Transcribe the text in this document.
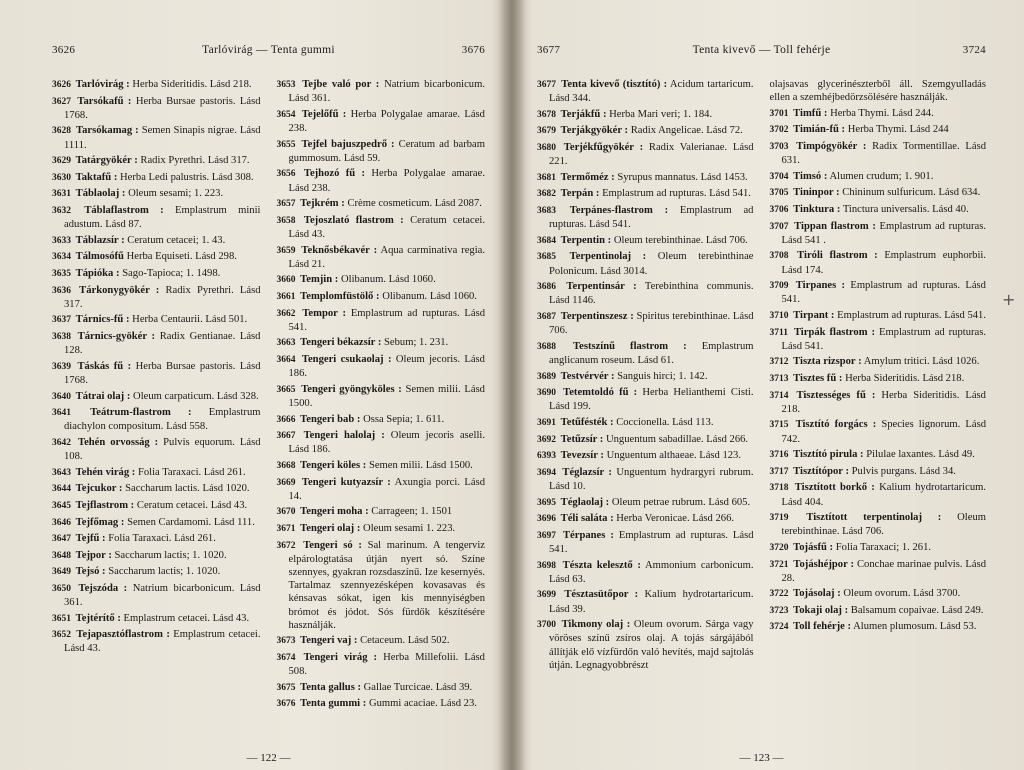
3626	Tarlóvirág — Tenta gummi	3676
3626 Tarlóvirág : Herba Sideritidis. Lásd 218.
3627 Tarsókafű : Herba Bursae pastoris. Lásd 1768.
3628 Tarsókamag : Semen Sinapis nigrae. Lásd 1111.
3629 Tatárgyökér : Radix Pyrethri. Lásd 317.
3630 Taktafű : Herba Ledi palustris. Lásd 308.
3631 Táblaolaj : Oleum sesami; 1. 223.
3632 Táblaflastrom : Emplastrum minii adustum. Lásd 87.
3633 Táblazsír : Ceratum cetacei; 1. 43.
3634 Tálmosófű Herba Equiseti. Lásd 298.
3635 Tápióka : Sago-Tapioca; 1. 1498.
3636 Tárkonygyökér : Radix Pyrethri. Lásd 317.
3637 Tárnics-fű : Herba Centaurii. Lásd 501.
3638 Tárnics-gyökér : Radix Gentianae. Lásd 128.
3639 Táskás fű : Herba Bursae pastoris. Lásd 1768.
3640 Tátrai olaj : Oleum carpaticum. Lásd 328.
3641 Teátrum-flastrom : Emplastrum diachylon compositum. Lásd 558.
3642 Tehén orvosság : Pulvis equorum. Lásd 108.
3643 Tehén virág : Folia Taraxaci. Lásd 261.
3644 Tejcukor : Saccharum lactis. Lásd 1020.
3645 Tejflastrom : Ceratum cetacei. Lásd 43.
3646 Tejfőmag : Semen Cardamomi. Lásd 111.
3647 Tejfű : Folia Taraxaci. Lásd 261.
3648 Tejpor : Saccharum lactis; 1. 1020.
3649 Tejsó : Saccharum lactis; 1. 1020.
3650 Tejszóda : Natrium bicarbonicum. Lásd 361.
3651 Tejtérítő : Emplastrum cetacei. Lásd 43.
3652 Tejapasztóflastrom : Emplastrum cetacei. Lásd 43.
3653 Tejbe való por : Natrium bicarbonicum. Lásd 361.
3654 Tejelőfű : Herba Polygalae amarae. Lásd 238.
3655 Tejfel bajuszpedrő : Ceratum ad barbam gummosum. Lásd 59.
3656 Tejhozó fű : Herba Polygalae amarae. Lásd 238.
3657 Tejkrém : Crème cosmeticum. Lásd 2087.
3658 Tejoszlató flastrom : Ceratum cetacei. Lásd 43.
3659 Teknősbékavér : Aqua carminativa regia. Lásd 21.
3660 Temjin : Olibanum. Lásd 1060.
3661 Templomfüstölő : Olibanum. Lásd 1060.
3662 Tempor : Emplastrum ad rupturas. Lásd 541.
3663 Tengeri békazsír : Sebum; 1. 231.
3664 Tengeri csukaolaj : Oleum jecoris. Lásd 186.
3665 Tengeri gyöngyköles : Semen milii. Lásd 1500.
3666 Tengeri bab : Ossa Sepia; 1. 611.
3667 Tengeri halolaj : Oleum jecoris aselli. Lásd 186.
3668 Tengeri köles : Semen milii. Lásd 1500.
3669 Tengeri kutyazsír : Axungia porci. Lásd 14.
3670 Tengeri moha : Carrageen; 1. 1501
3671 Tengeri olaj : Oleum sesami 1. 223.
3672 Tengeri só : Sal marinum. A tengerviz elpárologtatása útján nyert só. Színe szennyes, gyakran rozsdaszínű. Ize kesernyés. Tartalmaz szennyezésképen kovasavas és kénsavas sókat, igen kis mennyiségben brómot és jódot. Sós fürdők készítésére használják.
3673 Tengeri vaj : Cetaceum. Lásd 502.
3674 Tengeri virág : Herba Millefolii. Lásd 508.
3675 Tenta gallus : Gallae Turcicae. Lásd 39.
3676 Tenta gummi : Gummi acaciae. Lásd 23.
— 122 —
3677	Tenta kivevő — Toll fehérje	3724
3677 Tenta kivevő (tisztító) : Acidum tartaricum. Lásd 344.
3678 Terjákfű : Herba Mari veri; 1. 184.
3679 Terjákgyökér : Radix Angelicae. Lásd 72.
3680 Terjékfűgyökér : Radix Valerianae. Lásd 221.
3681 Termőméz : Syrupus mannatus. Lásd 1453.
3682 Terpán : Emplastrum ad rupturas. Lásd 541.
3683 Terpánes-flastrom : Emplastrum ad rupturas. Lásd 541.
3684 Terpentin : Oleum terebinthinae. Lásd 706.
3685 Terpentinolaj : Oleum terebinthinae Polonicum. Lásd 3014.
3686 Terpentinsár : Terebinthina communis. Lásd 1146.
3687 Terpentinszesz : Spiritus terebinthinae. Lásd 706.
3688 Testszínű flastrom : Emplastrum anglicanum roseum. Lásd 61.
3689 Testvérvér : Sanguis hirci; 1. 142.
3690 Tetemtoldó fű : Herba Helianthemi Cisti. Lásd 199.
3691 Tetűfésték : Coccionella. Lásd 113.
3692 Tetűzsír : Unguentum sabadillae. Lásd 266.
6393 Tevezsír : Unguentum althaeae. Lásd 123.
3694 Téglazsír : Unguentum hydrargyri rubrum. Lásd 10.
3695 Téglaolaj : Oleum petrae rubrum. Lásd 605.
3696 Téli saláta : Herba Veronicae. Lásd 266.
3697 Térpanes : Emplastrum ad rupturas. Lásd 541.
3698 Tészta kelesztő : Ammonium carbonicum. Lásd 63.
3699 Tésztasütőpor : Kalium hydrotartaricum. Lásd 39.
3700 Tikmony olaj : Oleum ovorum. Sárga vagy vöröses színű zsíros olaj. A tojás sárgájából állítják elő vízfürdőn való hevítés, majd sajtolás útján. Legnagyobbrészt
olajsavas glycerinészterből áll. Szemgyulladás ellen a szemhéjbedörzsölésére használják.
3701 Timfű : Herba Thymi. Lásd 244.
3702 Timián-fű : Herba Thymi. Lásd 244
3703 Timpógyökér : Radix Tormentillae. Lásd 631.
3704 Timsó : Alumen crudum; 1. 901.
3705 Tininpor : Chininum sulfuricum. Lásd 634.
3706 Tinktura : Tinctura universalis. Lásd 40.
3707 Tippan flastrom : Emplastrum ad rupturas. Lásd 541 .
3708 Tiróli flastrom : Emplastrum euphorbii. Lásd 174.
3709 Tirpanes : Emplastrum ad rupturas. Lásd 541.
3710 Tirpant : Emplastrum ad rupturas. Lásd 541.
3711 Tirpák flastrom : Emplastrum ad rupturas. Lásd 541.
3712 Tiszta rizspor : Amylum tritici. Lásd 1026.
3713 Tisztes fű : Herba Sideritidis. Lásd 218.
3714 Tisztességes fű : Herba Sideritidis. Lásd 218.
3715 Tisztító forgács : Species lignorum. Lásd 742.
3716 Tisztító pirula : Pilulae laxantes. Lásd 49.
3717 Tisztítópor : Pulvis purgans. Lásd 34.
3718 Tisztított borkő : Kalium hydrotartaricum. Lásd 404.
3719 Tisztított terpentinolaj : Oleum terebinthinae. Lásd 706.
3720 Tojásfű : Folia Taraxaci; 1. 261.
3721 Tojáshéjpor : Conchae marinae pulvis. Lásd 28.
3722 Tojásolaj : Oleum ovorum. Lásd 3700.
3723 Tokaji olaj : Balsamum copaivae. Lásd 249.
3724 Toll fehérje : Alumen plumosum. Lásd 53.
— 123 —
+
